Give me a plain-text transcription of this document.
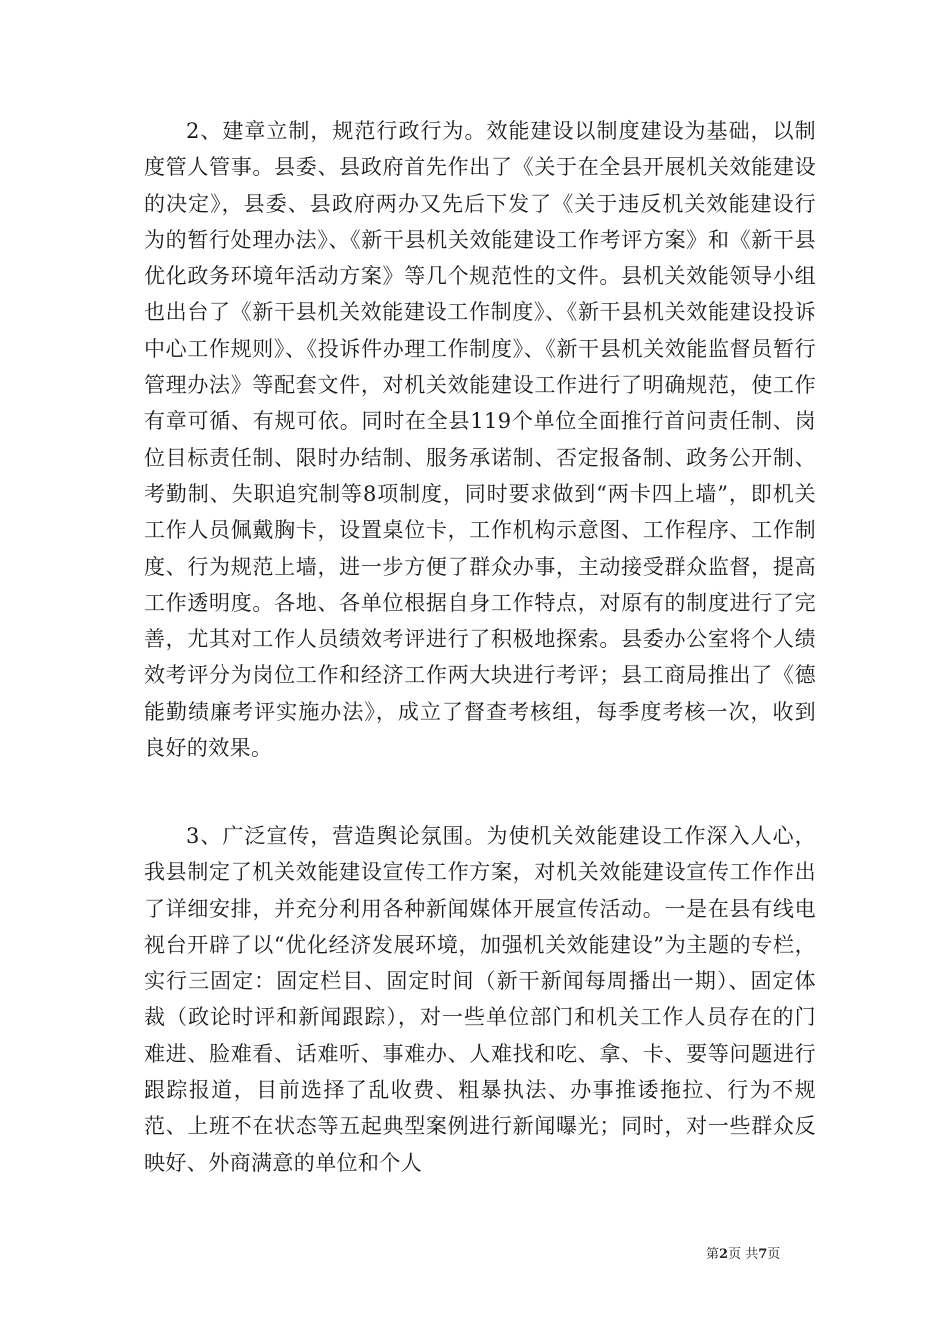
2、建章立制，规范行政行为。效能建设以制度建设为基础，以制度管人管事。县委、县政府首先作出了《关于在全县开展机关效能建设的决定》，县委、县政府两办又先后下发了《关于违反机关效能建设行为的暂行处理办法》、《新干县机关效能建设工作考评方案》和《新干县优化政务环境年活动方案》等几个规范性的文件。县机关效能领导小组也出台了《新干县机关效能建设工作制度》、《新干县机关效能建设投诉中心工作规则》、《投诉件办理工作制度》、《新干县机关效能监督员暂行管理办法》等配套文件，对机关效能建设工作进行了明确规范，使工作有章可循、有规可依。同时在全县119个单位全面推行首问责任制、岗位目标责任制、限时办结制、服务承诺制、否定报备制、政务公开制、考勤制、失职追究制等8项制度，同时要求做到“两卡四上墙”，即机关工作人员佩戴胸卡，设置桌位卡，工作机构示意图、工作程序、工作制度、行为规范上墙，进一步方便了群众办事，主动接受群众监督，提高工作透明度。各地、各单位根据自身工作特点，对原有的制度进行了完善，尤其对工作人员绩效考评进行了积极地探索。县委办公室将个人绩效考评分为岗位工作和经济工作两大块进行考评；县工商局推出了《德能勤绩廉考评实施办法》，成立了督查考核组，每季度考核一次，收到良好的效果。

3、广泛宣传，营造舆论氛围。为使机关效能建设工作深入人心，我县制定了机关效能建设宣传工作方案，对机关效能建设宣传工作作出了详细安排，并充分利用各种新闻媒体开展宣传活动。一是在县有线电视台开辟了以“优化经济发展环境，加强机关效能建设”为主题的专栏，实行三固定：固定栏目、固定时间（新干新闻每周播出一期）、固定体裁（政论时评和新闻跟踪），对一些单位部门和机关工作人员存在的门难进、脸难看、话难听、事难办、人难找和吃、拿、卡、要等问题进行跟踪报道，目前选择了乱收费、粗暴执法、办事推诿拖拉、行为不规范、上班不在状态等五起典型案例进行新闻曝光；同时，对一些群众反映好、外商满意的单位和个人

第2页 共7页
